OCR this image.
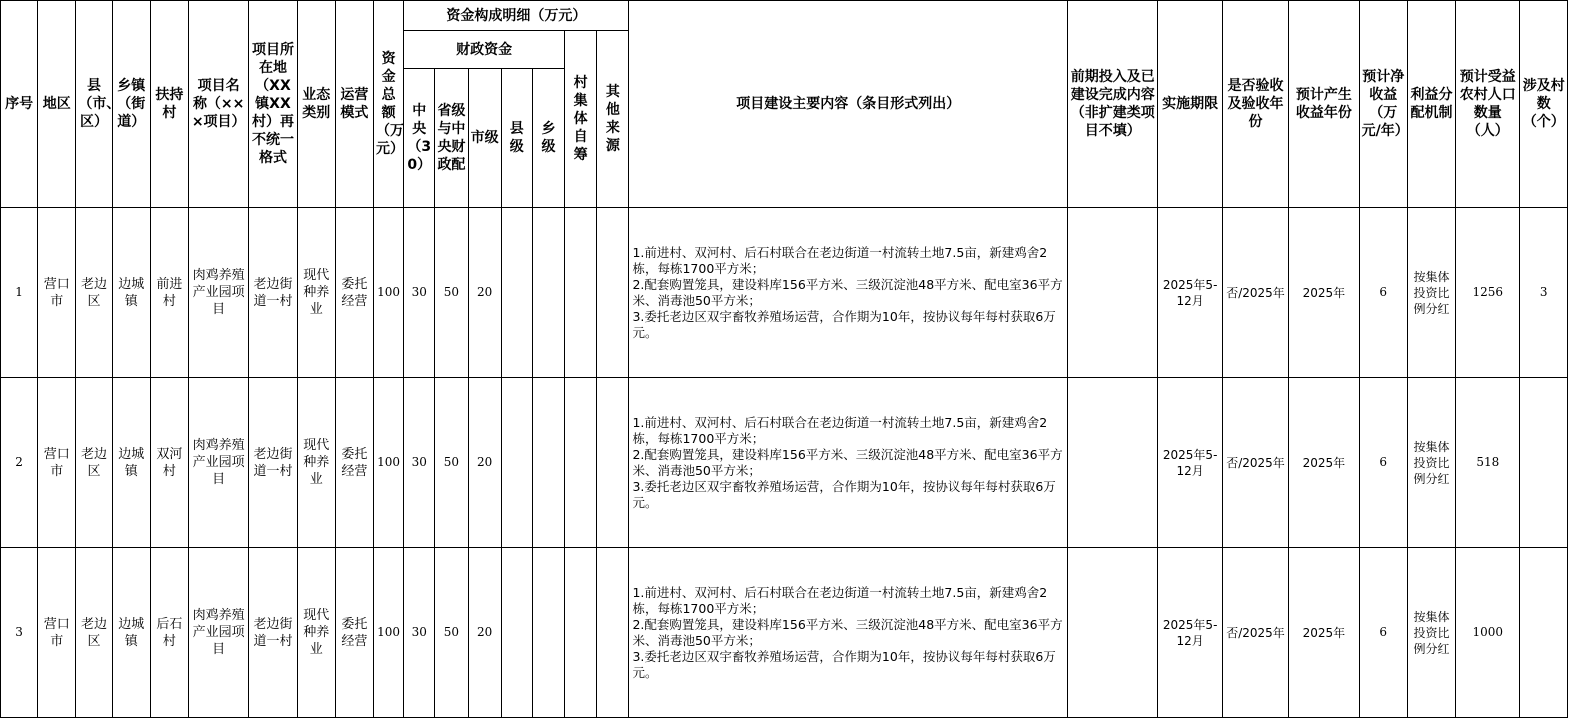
序号	地区	县（市、区）	乡镇（街道）	扶持村	项目名称（×××项目）	项目所在地（XX镇XX村）再不统一格式	业态类别	运营模式	资金总额（万元）	资金构成明细（万元）							项目建设主要内容（条目形式列出）	前期投入及已建设完成内容（非扩建类项目不填）	实施期限	是否验收及验收年份	预计产生收益年份	预计净收益（万元/年）	利益分配机制	预计受益农村人口数量（人）	涉及村数（个）
										财政资金					村集体自筹	其他来源									
										中央（30）	省级与中央财政配	市级	县级	乡级											
1	营口市	老边区	边城镇	前进村	肉鸡养殖产业园项目	老边街道一村	现代种养业	委托经营	100	30	50	20					1.前进村、双河村、后石村联合在老边街道一村流转土地7.5亩，新建鸡舍2栋，每栋1700平方米；
2.配套购置笼具，建设料库156平方米、三级沉淀池48平方米、配电室36平方米、消毒池50平方米；
3.委托老边区双宇畜牧养殖场运营，合作期为10年，按协议每年每村获取6万元。		2025年5-12月	否/2025年	2025年	6	按集体投资比例分红	1256	3
2	营口市	老边区	边城镇	双河村	肉鸡养殖产业园项目	老边街道一村	现代种养业	委托经营	100	30	50	20					1.前进村、双河村、后石村联合在老边街道一村流转土地7.5亩，新建鸡舍2栋，每栋1700平方米；
2.配套购置笼具，建设料库156平方米、三级沉淀池48平方米、配电室36平方米、消毒池50平方米；
3.委托老边区双宇畜牧养殖场运营，合作期为10年，按协议每年每村获取6万元。		2025年5-12月	否/2025年	2025年	6	按集体投资比例分红	518	
3	营口市	老边区	边城镇	后石村	肉鸡养殖产业园项目	老边街道一村	现代种养业	委托经营	100	30	50	20					1.前进村、双河村、后石村联合在老边街道一村流转土地7.5亩，新建鸡舍2栋，每栋1700平方米；
2.配套购置笼具，建设料库156平方米、三级沉淀池48平方米、配电室36平方米、消毒池50平方米；
3.委托老边区双宇畜牧养殖场运营，合作期为10年，按协议每年每村获取6万元。		2025年5-12月	否/2025年	2025年	6	按集体投资比例分红	1000	
